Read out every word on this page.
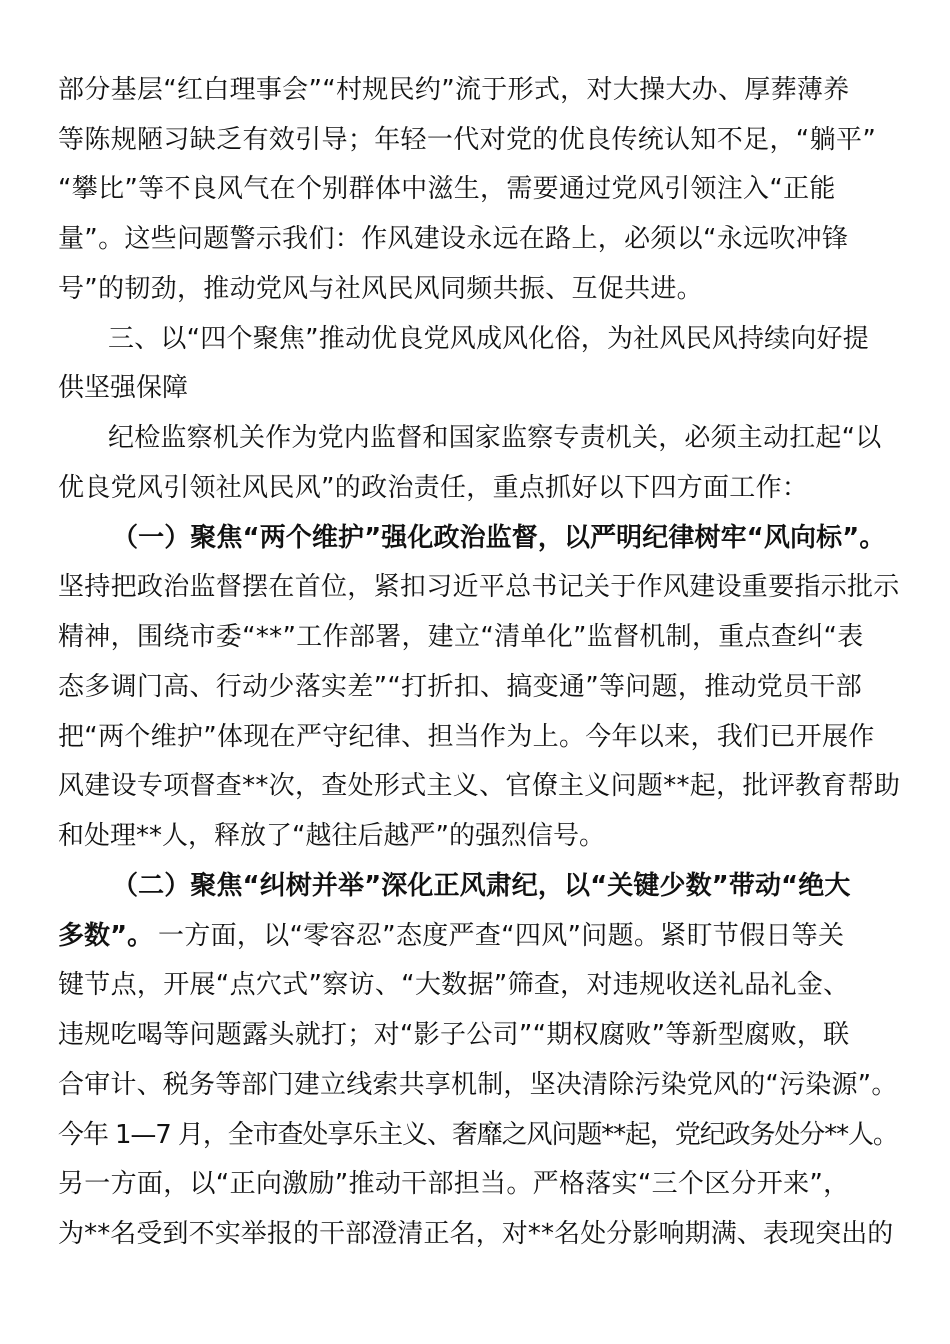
部分基层“红白理事会”“村规民约”流于形式，对大操大办、厚葬薄养
等陈规陋习缺乏有效引导；年轻一代对党的优良传统认知不足，“躺平”
“攀比”等不良风气在个别群体中滋生，需要通过党风引领注入“正能
量”。这些问题警示我们：作风建设永远在路上，必须以“永远吹冲锋
号”的韧劲，推动党风与社风民风同频共振、互促共进。
三、以“四个聚焦”推动优良党风成风化俗，为社风民风持续向好提
供坚强保障
纪检监察机关作为党内监督和国家监察专责机关，必须主动扛起“以
优良党风引领社风民风”的政治责任，重点抓好以下四方面工作：
（一）聚焦“两个维护”强化政治监督，以严明纪律树牢“风向标”。
坚持把政治监督摆在首位，紧扣习近平总书记关于作风建设重要指示批示
精神，围绕市委“**”工作部署，建立“清单化”监督机制，重点查纠“表
态多调门高、行动少落实差”“打折扣、搞变通”等问题，推动党员干部
把“两个维护”体现在严守纪律、担当作为上。今年以来，我们已开展作
风建设专项督查**次，查处形式主义、官僚主义问题**起，批评教育帮助
和处理**人，释放了“越往后越严”的强烈信号。
（二）聚焦“纠树并举”深化正风肃纪，以“关键少数”带动“绝大
多数”。 一方面，以“零容忍”态度严查“四风”问题。紧盯节假日等关
键节点，开展“点穴式”察访、“大数据”筛查，对违规收送礼品礼金、
违规吃喝等问题露头就打；对“影子公司”“期权腐败”等新型腐败，联
合审计、税务等部门建立线索共享机制，坚决清除污染党风的“污染源”。
今年 1—7 月，全市查处享乐主义、奢靡之风问题**起，党纪政务处分**人。
另一方面，以“正向激励”推动干部担当。严格落实“三个区分开来”，
为**名受到不实举报的干部澄清正名，对**名处分影响期满、表现突出的
